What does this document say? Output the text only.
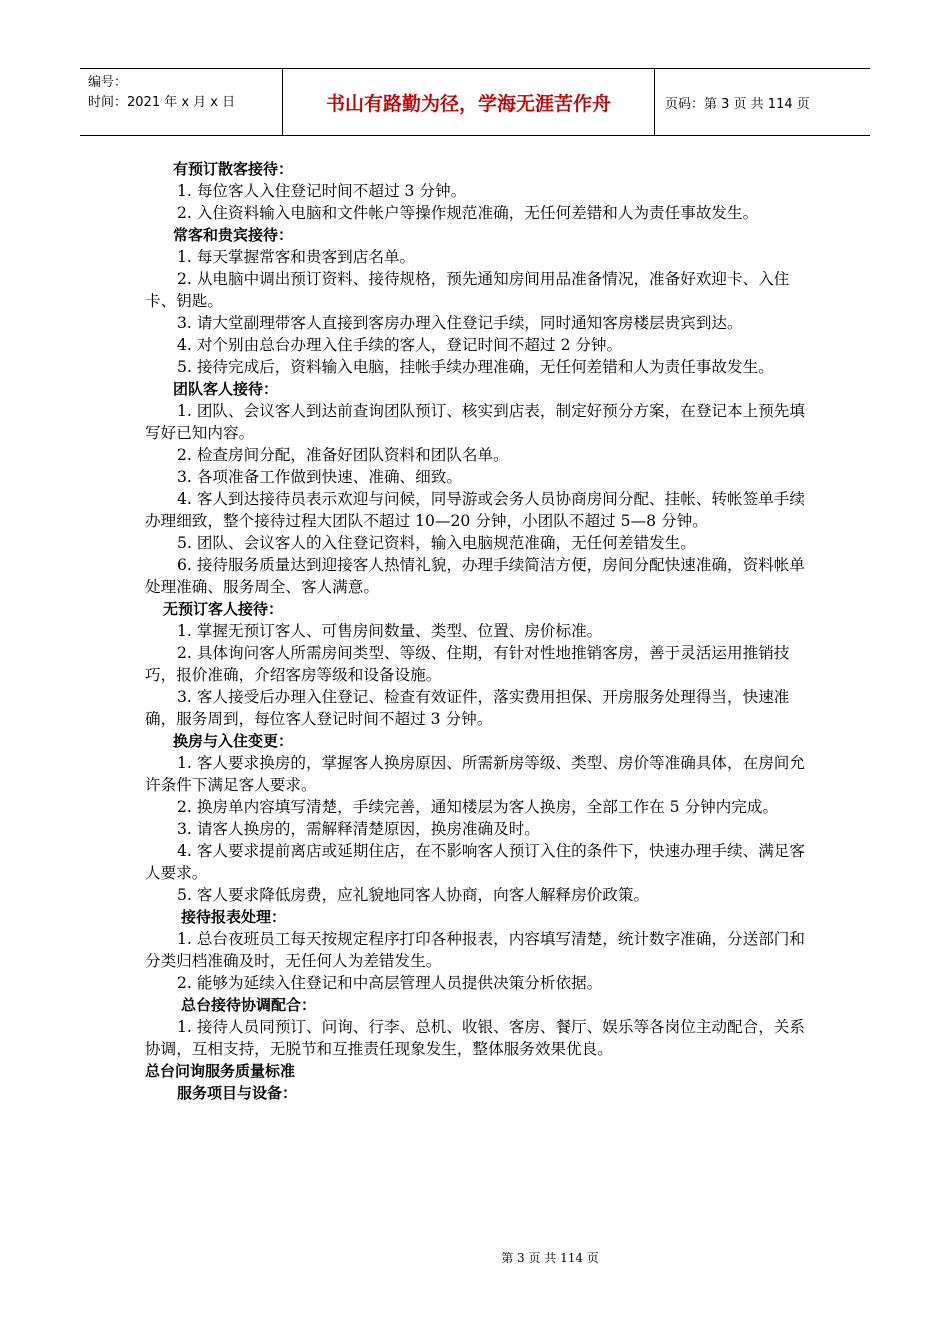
编号：
时间：2021 年 x 月 x 日	书山有路勤为径，学海无涯苦作舟	页码：第 3 页 共 114 页

有预订散客接待：

1. 每位客人入住登记时间不超过 3 分钟。

2. 入住资料输入电脑和文件帐户等操作规范准确，无任何差错和人为责任事故发生。

常客和贵宾接待：

1. 每天掌握常客和贵客到店名单。

2. 从电脑中调出预订资料、接待规格，预先通知房间用品准备情况，准备好欢迎卡、入住卡、钥匙。

3. 请大堂副理带客人直接到客房办理入住登记手续，同时通知客房楼层贵宾到达。

4. 对个别由总台办理入住手续的客人，登记时间不超过 2 分钟。

5. 接待完成后，资料输入电脑，挂帐手续办理准确，无任何差错和人为责任事故发生。

团队客人接待：

1. 团队、会议客人到达前查询团队预订、核实到店表，制定好预分方案，在登记本上预先填写好已知内容。

2. 检查房间分配，准备好团队资料和团队名单。

3. 各项准备工作做到快速、准确、细致。

4. 客人到达接待员表示欢迎与问候，同导游或会务人员协商房间分配、挂帐、转帐签单手续办理细致，整个接待过程大团队不超过 10—20 分钟，小团队不超过 5—8 分钟。

5. 团队、会议客人的入住登记资料，输入电脑规范准确，无任何差错发生。

6. 接待服务质量达到迎接客人热情礼貌，办理手续简洁方便，房间分配快速准确，资料帐单处理准确、服务周全、客人满意。

无预订客人接待：

1. 掌握无预订客人、可售房间数量、类型、位置、房价标准。

2. 具体询问客人所需房间类型、等级、住期，有针对性地推销客房，善于灵活运用推销技巧，报价准确，介绍客房等级和设备设施。

3. 客人接受后办理入住登记、检查有效证件，落实费用担保、开房服务处理得当，快速准确，服务周到，每位客人登记时间不超过 3 分钟。

换房与入住变更：

1. 客人要求换房的，掌握客人换房原因、所需新房等级、类型、房价等准确具体，在房间允许条件下满足客人要求。

2. 换房单内容填写清楚，手续完善，通知楼层为客人换房，全部工作在 5 分钟内完成。

3. 请客人换房的，需解释清楚原因，换房准确及时。

4. 客人要求提前离店或延期住店，在不影响客人预订入住的条件下，快速办理手续、满足客人要求。

5. 客人要求降低房费，应礼貌地同客人协商，向客人解释房价政策。

接待报表处理：

1. 总台夜班员工每天按规定程序打印各种报表，内容填写清楚，统计数字准确，分送部门和分类归档准确及时，无任何人为差错发生。

2. 能够为延续入住登记和中高层管理人员提供决策分析依据。

总台接待协调配合：

1. 接待人员同预订、问询、行李、总机、收银、客房、餐厅、娱乐等各岗位主动配合，关系协调，互相支持，无脱节和互推责任现象发生，整体服务效果优良。

总台问询服务质量标准

服务项目与设备：

第 3 页 共 114 页
